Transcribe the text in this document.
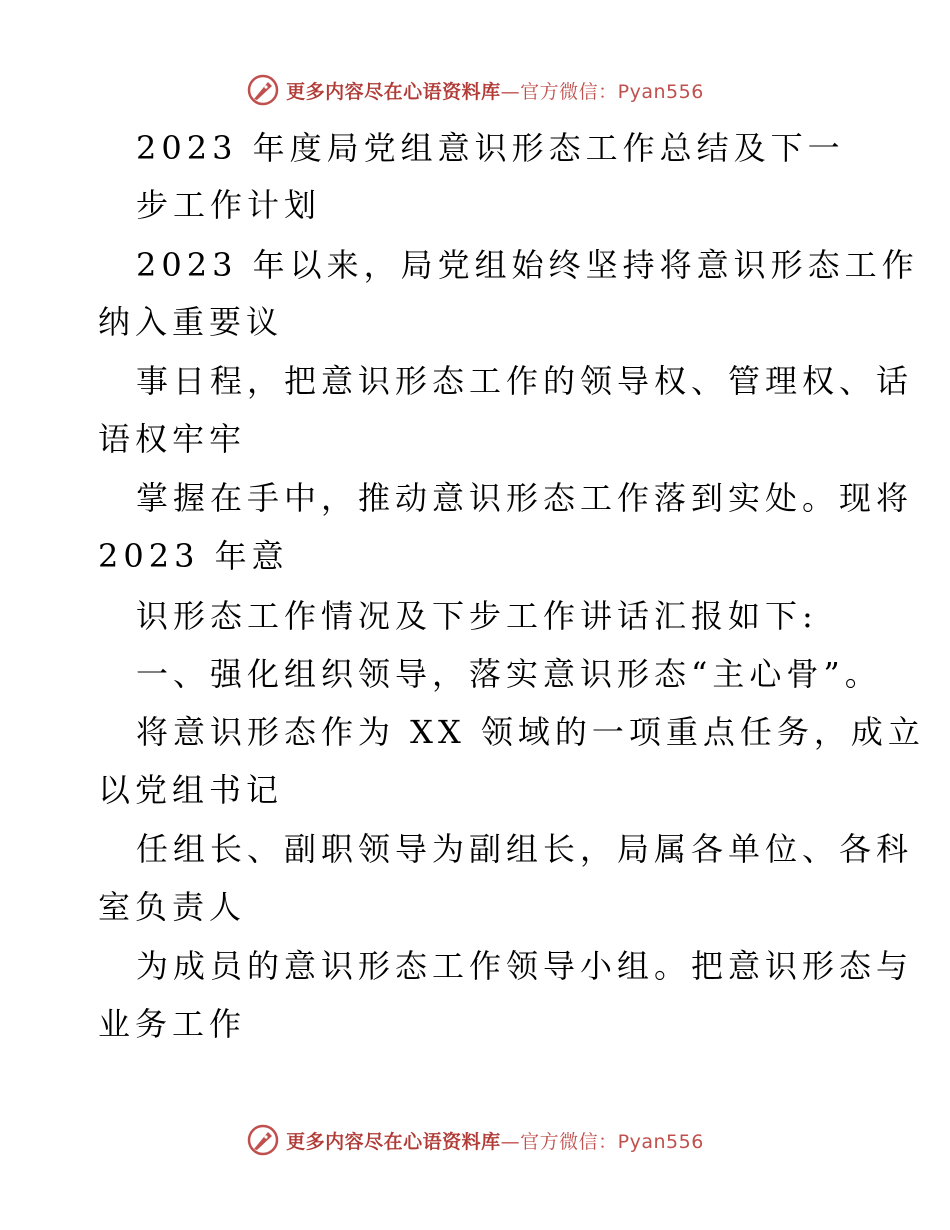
更多内容尽在心语资料库—官方微信：Pyan556
2023 年度局党组意识形态工作总结及下一
步工作计划
2023 年以来，局党组始终坚持将意识形态工作
纳入重要议
事日程，把意识形态工作的领导权、管理权、话
语权牢牢
掌握在手中，推动意识形态工作落到实处。现将
2023 年意
识形态工作情况及下步工作讲话汇报如下:
一、强化组织领导，落实意识形态“主心骨”。
将意识形态作为 XX 领域的一项重点任务，成立
以党组书记
任组长、副职领导为副组长，局属各单位、各科
室负责人
为成员的意识形态工作领导小组。把意识形态与
业务工作
更多内容尽在心语资料库—官方微信：Pyan556
